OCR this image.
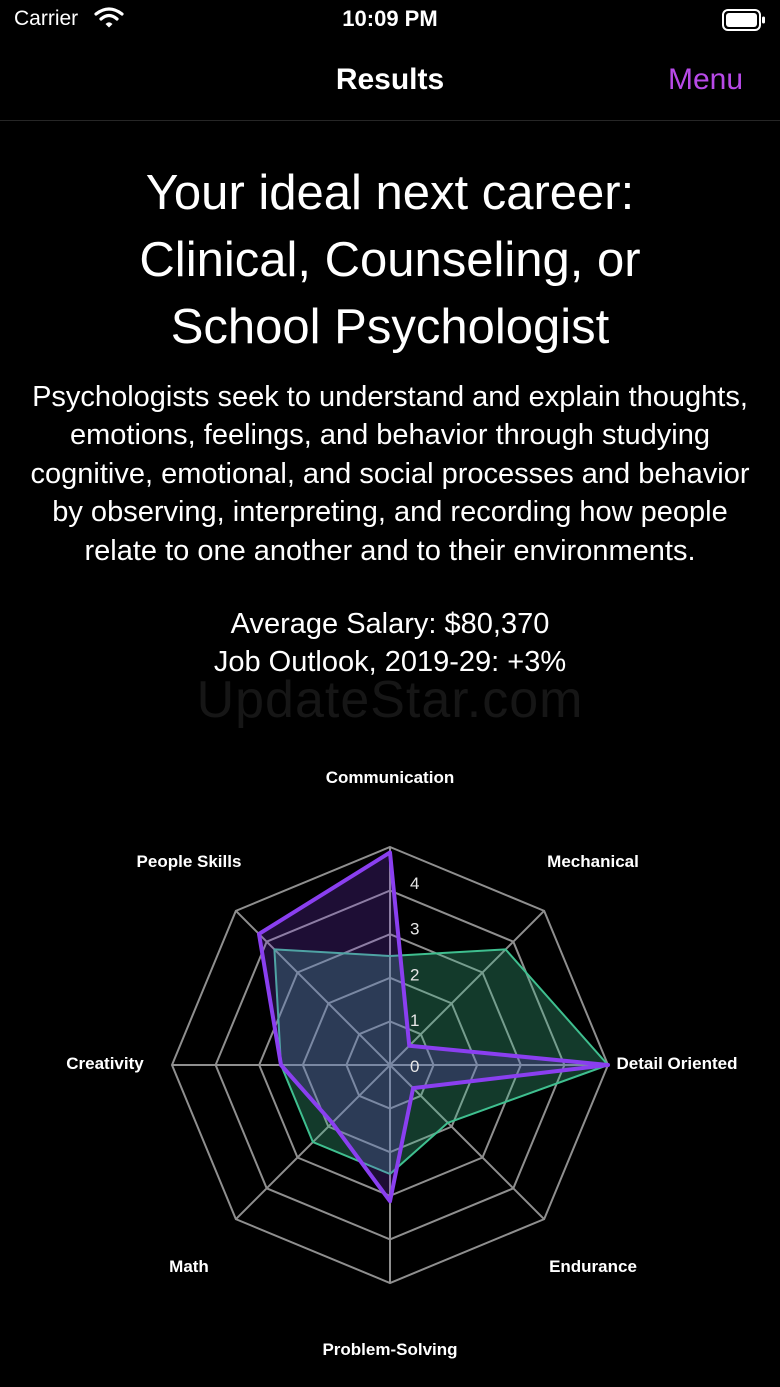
Carrier	10:09 PM
Results	Menu
Your ideal next career:
Clinical, Counseling, or
School Psychologist
Psychologists seek to understand and explain thoughts, emotions, feelings, and behavior through studying cognitive, emotional, and social processes and behavior by observing, interpreting, and recording how people relate to one another and to their environments.
Average Salary: $80,370
Job Outlook, 2019-29: +3%
UpdateStar.com
0
1
2
3
4
Communication
Mechanical
Detail Oriented
Endurance
Problem-Solving
Math
Creativity
People Skills
